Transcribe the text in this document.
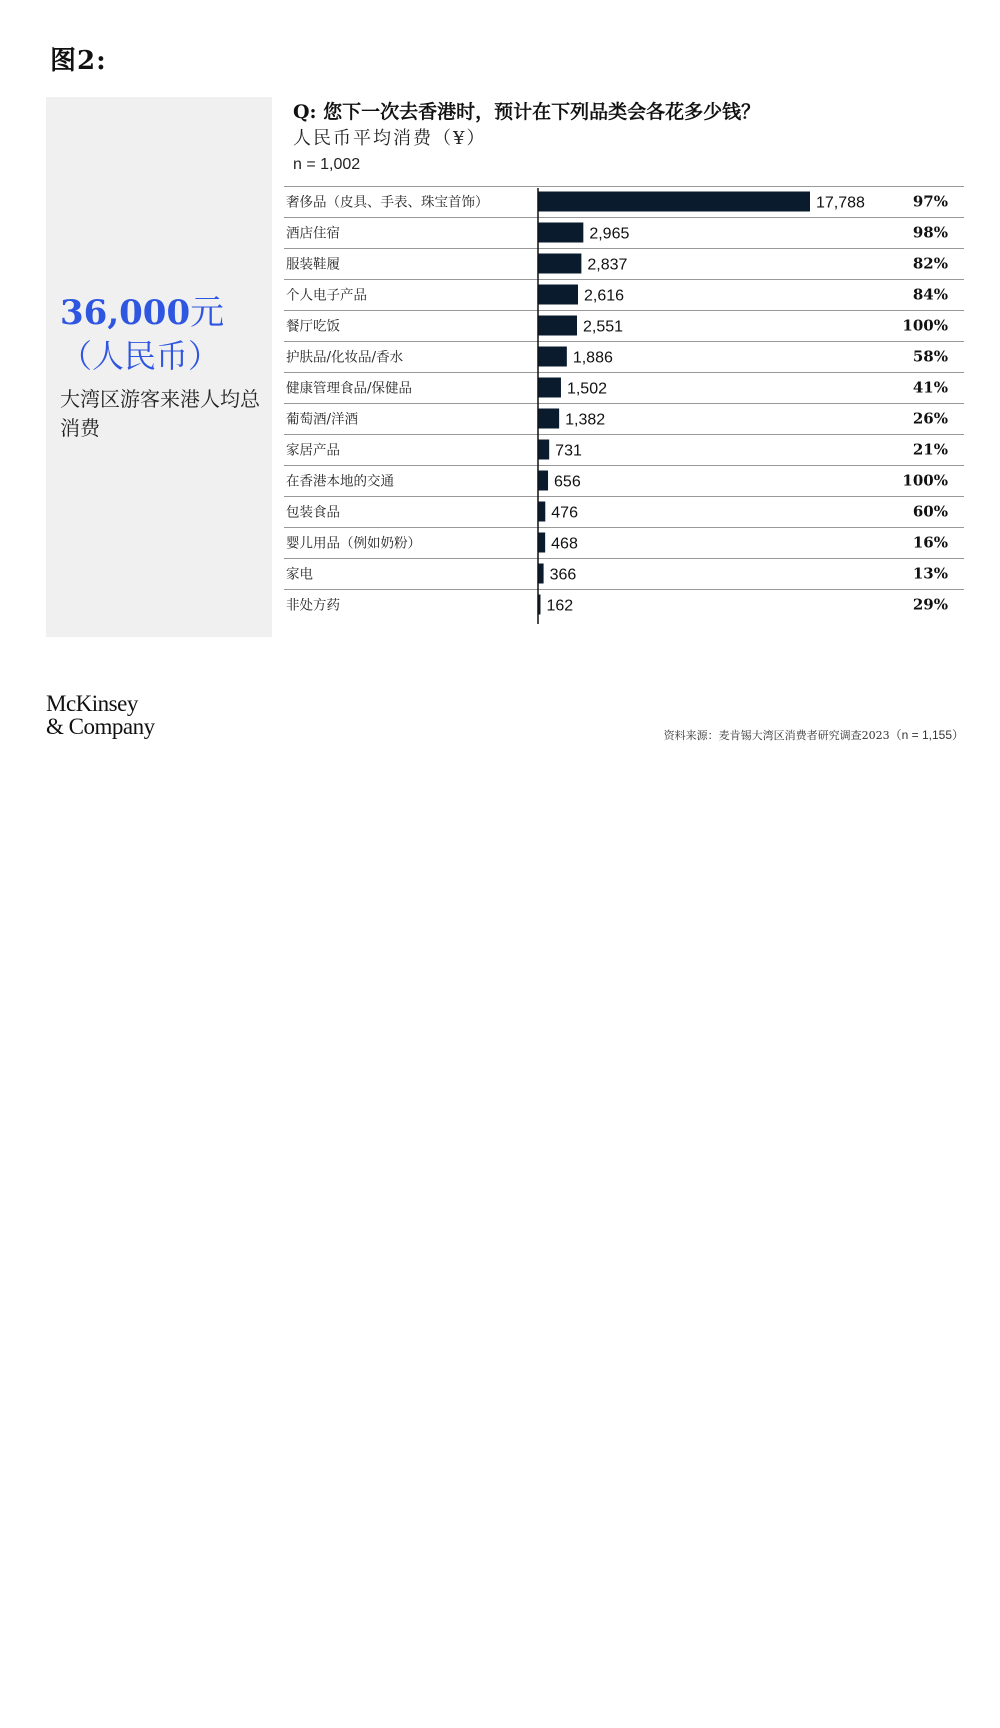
图2:
36,000元
（人民币）
大湾区游客来港人均总消费
Q: 您下一次去香港时，预计在下列品类会各花多少钱？
人民币平均消费（¥）
n = 1,002
奢侈品（皮具、手表、珠宝首饰）	17,788	97%
酒店住宿	2,965	98%
服装鞋履	2,837	82%
个人电子产品	2,616	84%
餐厅吃饭	2,551	100%
护肤品/化妆品/香水	1,886	58%
健康管理食品/保健品	1,502	41%
葡萄酒/洋酒	1,382	26%
家居产品	731	21%
在香港本地的交通	656	100%
包装食品	476	60%
婴儿用品（例如奶粉）	468	16%
家电	366	13%
非处方药	162	29%
McKinsey
& Company	资料来源：麦肯锡大湾区消费者研究调查2023（n = 1,155）
